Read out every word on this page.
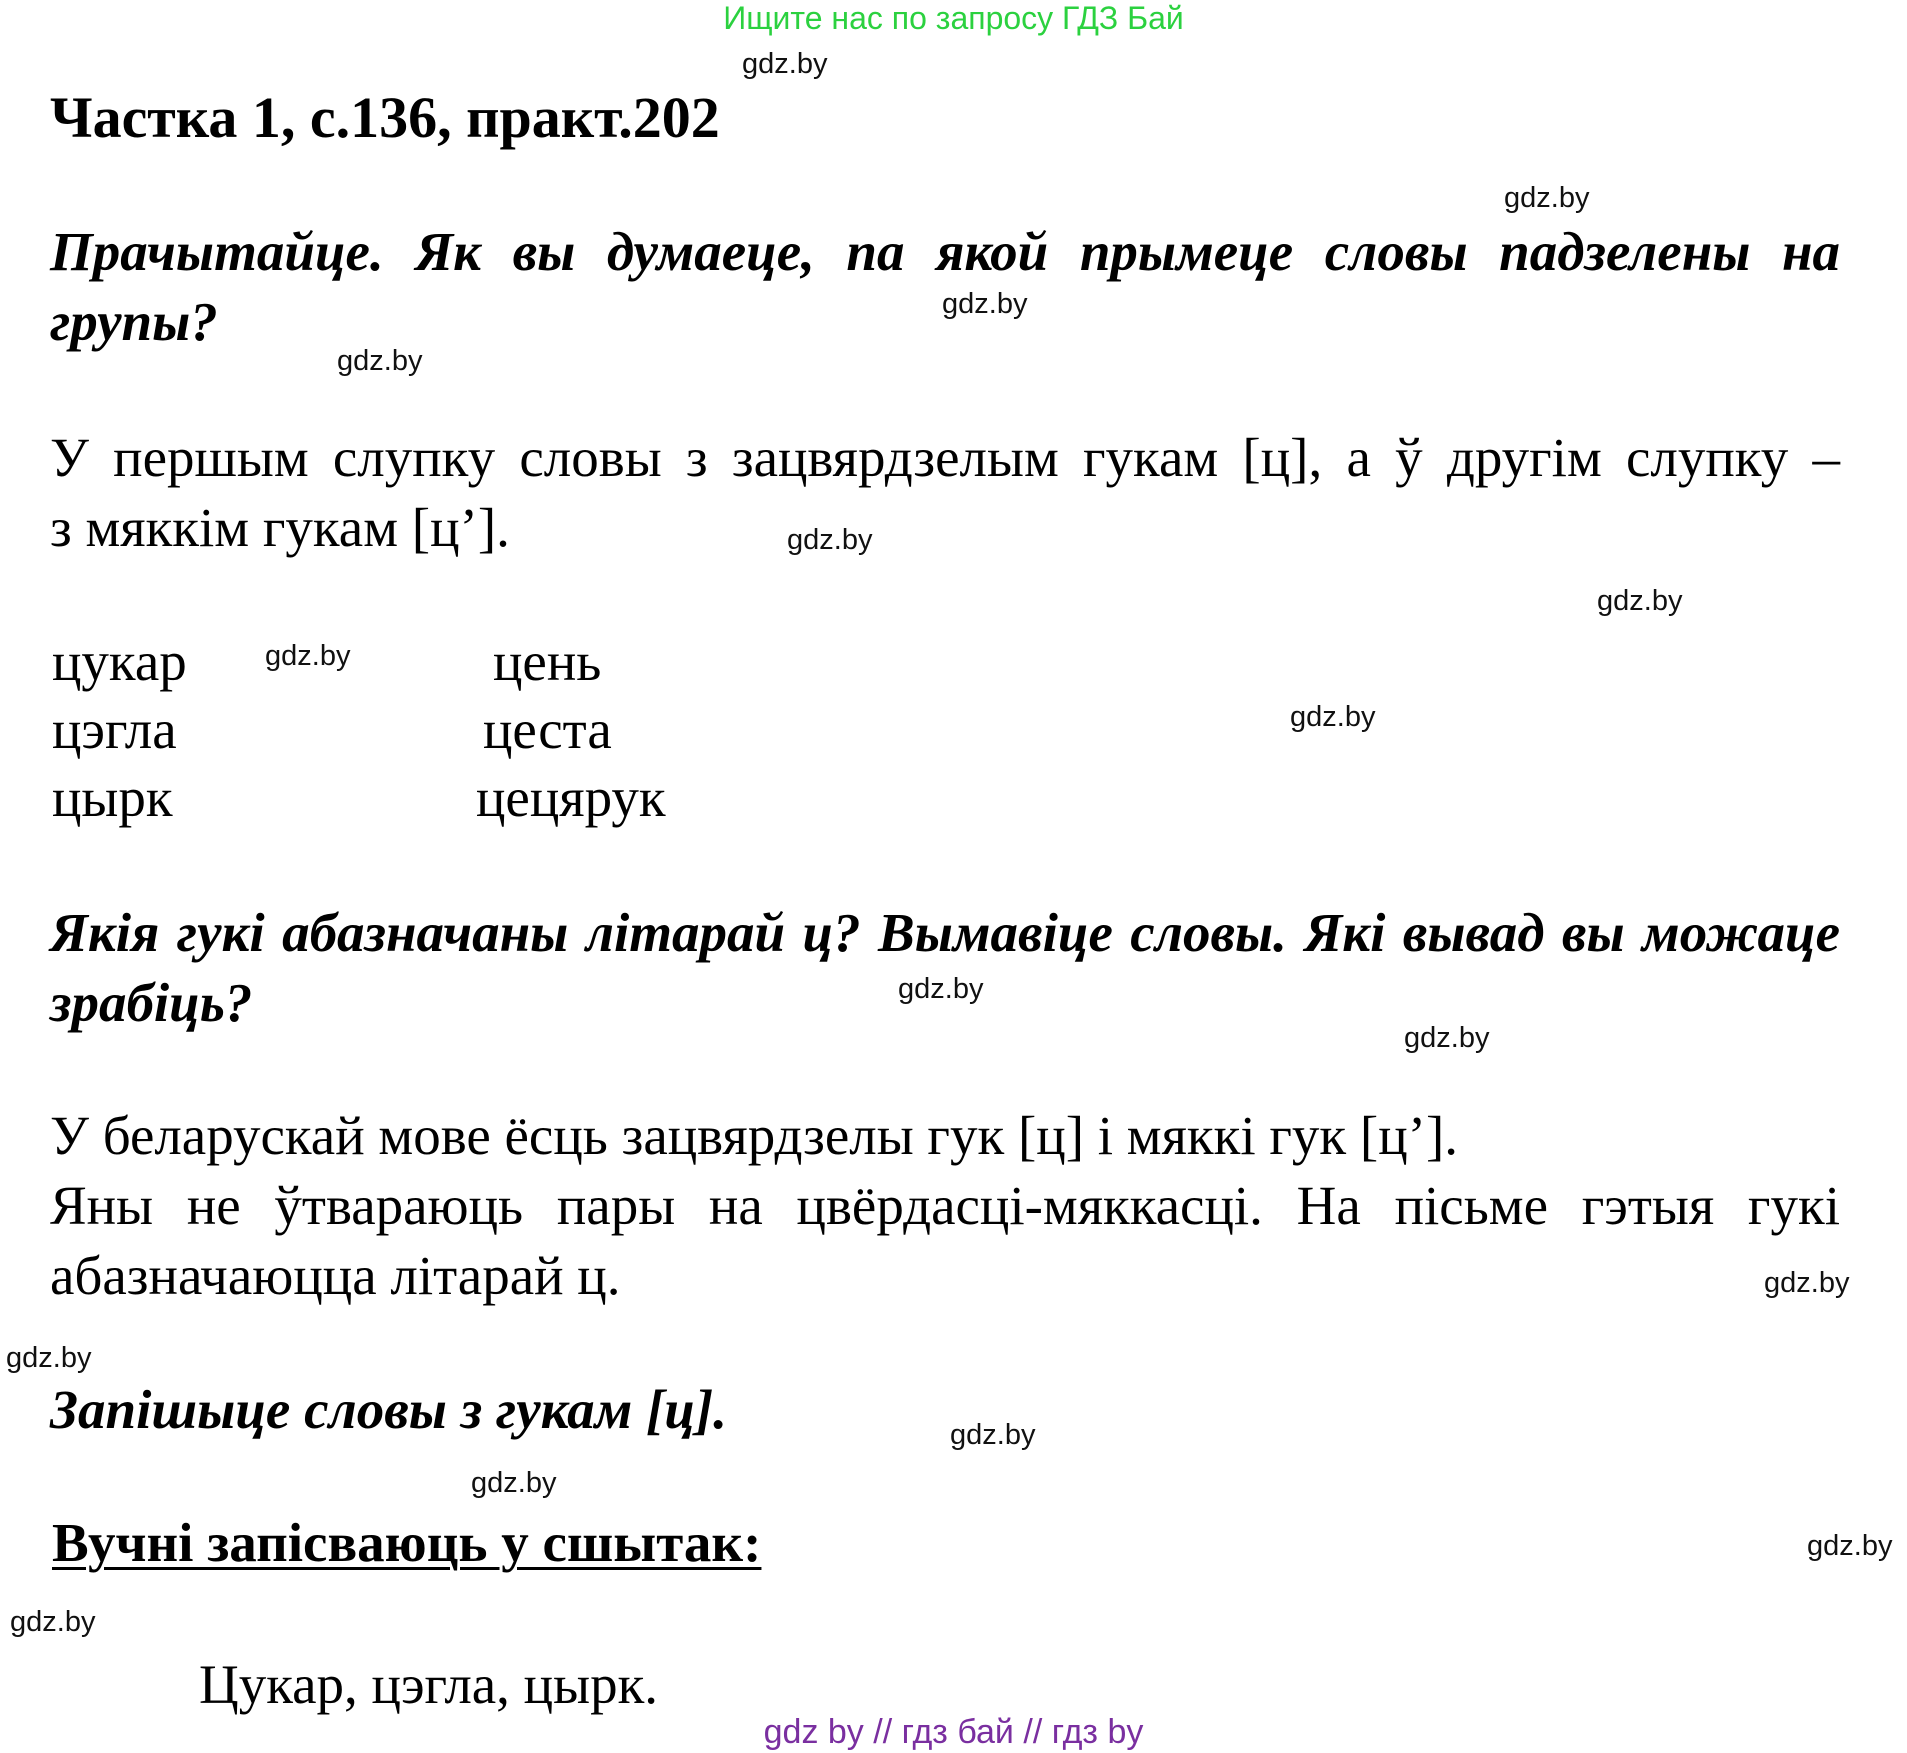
Ищите нас по запросу ГДЗ Бай
Частка 1, с.136, практ.202
Прачытайце. Як вы думаеце, па якой прымеце словы падзелены на групы?
У першым слупку словы з зацвярдзелым гукам [ц], а ў другім слупку –
з мяккім гукам [ц’].
цукар
цэгла
цырк
цень
цеста
цецярук
Якія гукі абазначаны літарай ц? Вымавіце словы. Які вывад вы можаце зрабіць?
У беларускай мове ёсць зацвярдзелы гук [ц] і мяккі гук [ц’].
Яны не ўтвараюць пары на цвёрдасці-мяккасці. На пісьме гэтыя гукі
абазначаюцца літарай ц.
Запішыце словы з гукам [ц].
Вучні запісваюць у сшытак:
Цукар, цэгла, цырк.
gdz.by
gdz.by
gdz.by
gdz.by
gdz.by
gdz.by
gdz.by
gdz.by
gdz.by
gdz.by
gdz.by
gdz.by
gdz.by
gdz.by
gdz.by
gdz.by
gdz by // гдз бай // гдз by
